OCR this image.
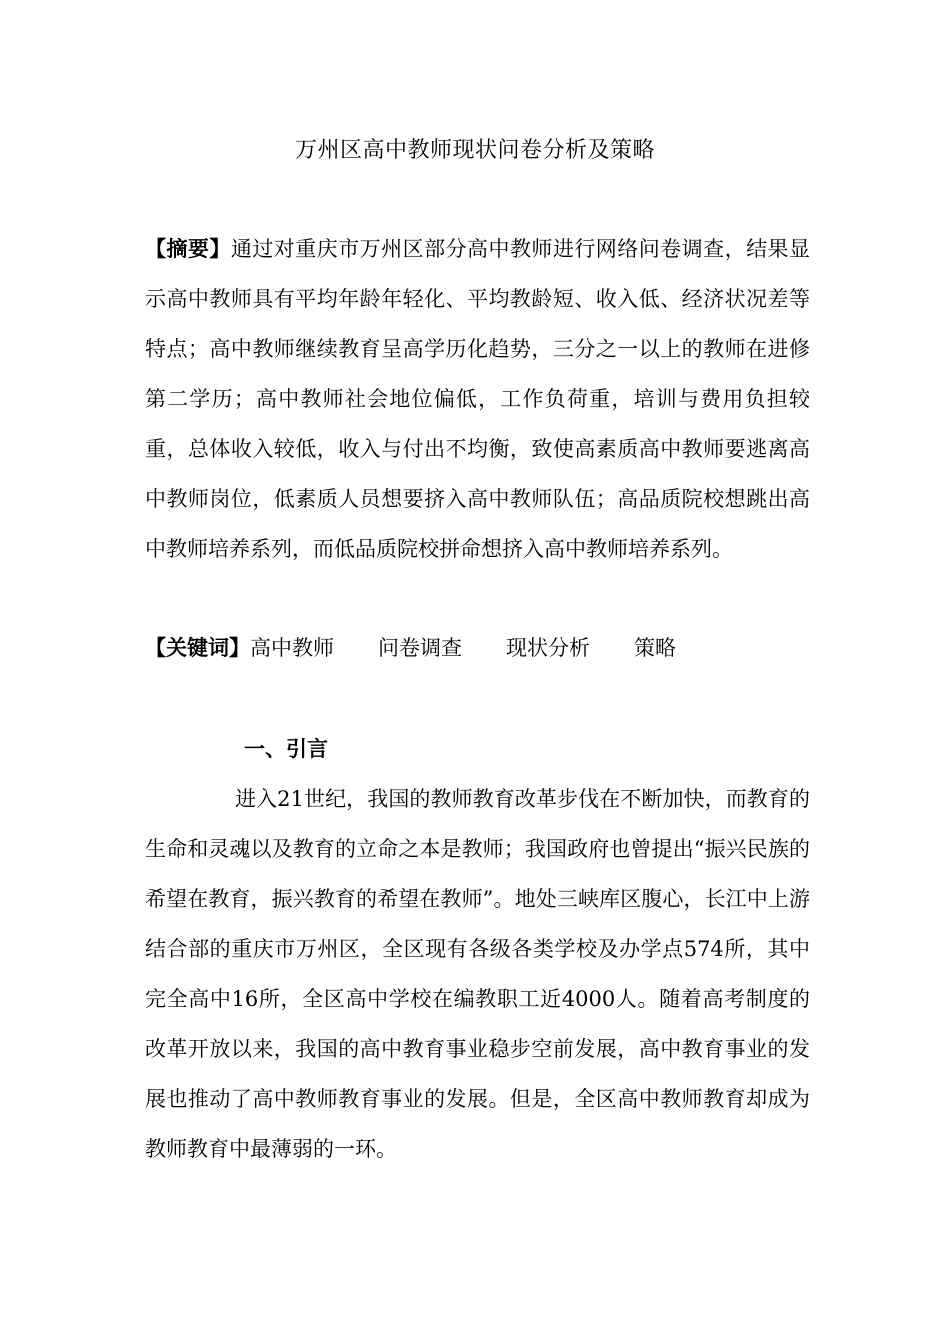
万州区高中教师现状问卷分析及策略
【摘要】通过对重庆市万州区部分高中教师进行网络问卷调查，结果显示高中教师具有平均年龄年轻化、平均教龄短、收入低、经济状况差等特点；高中教师继续教育呈高学历化趋势，三分之一以上的教师在进修第二学历；高中教师社会地位偏低，工作负荷重，培训与费用负担较重，总体收入较低，收入与付出不均衡，致使高素质高中教师要逃离高中教师岗位，低素质人员想要挤入高中教师队伍；高品质院校想跳出高中教师培养系列，而低品质院校拼命想挤入高中教师培养系列。
【关键词】高中教师 问卷调查 现状分析 策略
一、引言
进入21世纪，我国的教师教育改革步伐在不断加快，而教育的生命和灵魂以及教育的立命之本是教师；我国政府也曾提出“振兴民族的希望在教育，振兴教育的希望在教师”。地处三峡库区腹心，长江中上游结合部的重庆市万州区，全区现有各级各类学校及办学点574所，其中完全高中16所，全区高中学校在编教职工近4000人。随着高考制度的改革开放以来，我国的高中教育事业稳步空前发展，高中教育事业的发展也推动了高中教师教育事业的发展。但是，全区高中教师教育却成为教师教育中最薄弱的一环。
